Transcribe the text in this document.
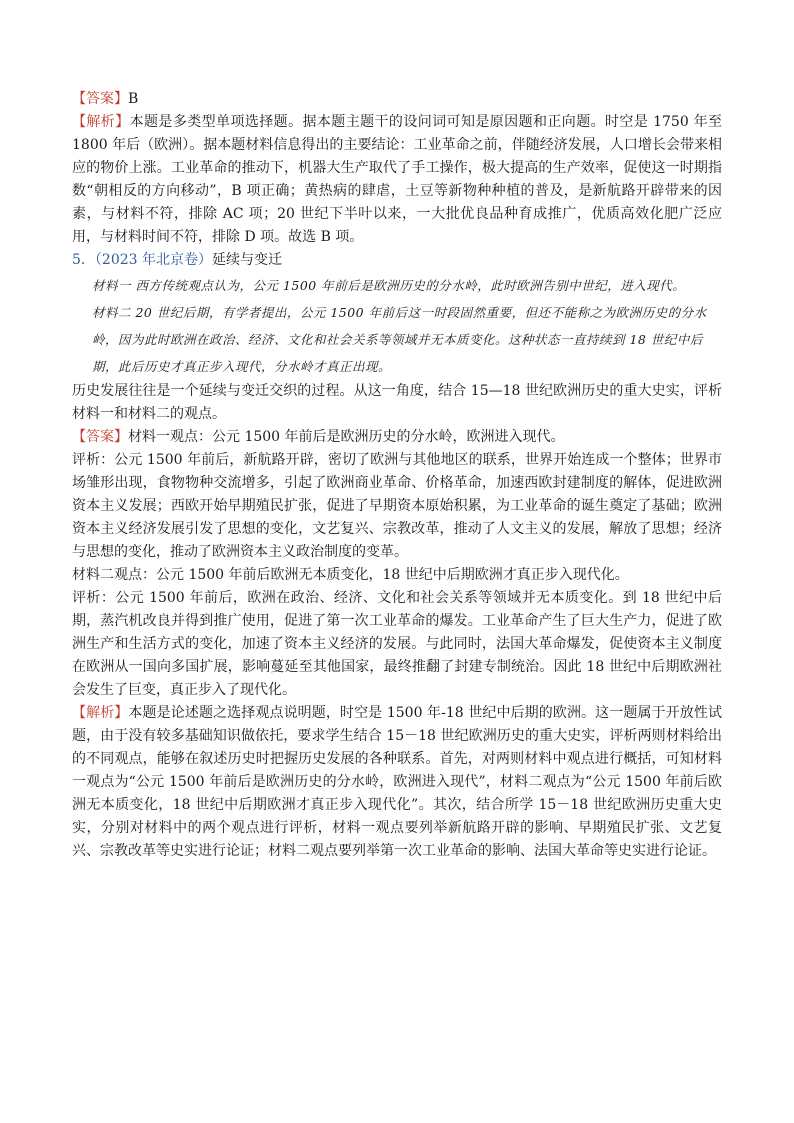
【答案】B

【解析】本题是多类型单项选择题。据本题主题干的设问词可知是原因题和正向题。时空是 1750 年至 1800 年后（欧洲）。据本题材料信息得出的主要结论：工业革命之前，伴随经济发展，人口增长会带来相应的物价上涨。工业革命的推动下，机器大生产取代了手工操作，极大提高的生产效率，促使这一时期指数“朝相反的方向移动”，B 项正确；黄热病的肆虐，土豆等新物种种植的普及，是新航路开辟带来的因素，与材料不符，排除 AC 项；20 世纪下半叶以来，一大批优良品种育成推广，优质高效化肥广泛应用，与材料时间不符，排除 D 项。故选 B 项。

5．（2023 年北京卷）延续与变迁

材料一 西方传统观点认为，公元 1500 年前后是欧洲历史的分水岭，此时欧洲告别中世纪，进入现代。

材料二 20 世纪后期，有学者提出，公元 1500 年前后这一时段固然重要，但还不能称之为欧洲历史的分水岭，因为此时欧洲在政治、经济、文化和社会关系等领域并无本质变化。这种状态一直持续到 18 世纪中后期，此后历史才真正步入现代，分水岭才真正出现。

历史发展往往是一个延续与变迁交织的过程。从这一角度，结合 15—18 世纪欧洲历史的重大史实，评析材料一和材料二的观点。

【答案】材料一观点：公元 1500 年前后是欧洲历史的分水岭，欧洲进入现代。

评析：公元 1500 年前后，新航路开辟，密切了欧洲与其他地区的联系，世界开始连成一个整体；世界市场雏形出现，食物物种交流增多，引起了欧洲商业革命、价格革命，加速西欧封建制度的解体，促进欧洲资本主义发展；西欧开始早期殖民扩张，促进了早期资本原始积累，为工业革命的诞生奠定了基础；欧洲资本主义经济发展引发了思想的变化，文艺复兴、宗教改革，推动了人文主义的发展，解放了思想；经济与思想的变化，推动了欧洲资本主义政治制度的变革。

材料二观点：公元 1500 年前后欧洲无本质变化，18 世纪中后期欧洲才真正步入现代化。

评析：公元 1500 年前后，欧洲在政治、经济、文化和社会关系等领域并无本质变化。到 18 世纪中后期，蒸汽机改良并得到推广使用，促进了第一次工业革命的爆发。工业革命产生了巨大生产力，促进了欧洲生产和生活方式的变化，加速了资本主义经济的发展。与此同时，法国大革命爆发，促使资本主义制度在欧洲从一国向多国扩展，影响蔓延至其他国家，最终推翻了封建专制统治。因此 18 世纪中后期欧洲社会发生了巨变，真正步入了现代化。

【解析】本题是论述题之选择观点说明题，时空是 1500 年-18 世纪中后期的欧洲。这一题属于开放性试题，由于没有较多基础知识做依托，要求学生结合 15－18 世纪欧洲历史的重大史实，评析两则材料给出的不同观点，能够在叙述历史时把握历史发展的各种联系。首先，对两则材料中观点进行概括，可知材料一观点为“公元 1500 年前后是欧洲历史的分水岭，欧洲进入现代”，材料二观点为“公元 1500 年前后欧洲无本质变化，18 世纪中后期欧洲才真正步入现代化”。其次，结合所学 15－18 世纪欧洲历史重大史实，分别对材料中的两个观点进行评析，材料一观点要列举新航路开辟的影响、早期殖民扩张、文艺复兴、宗教改革等史实进行论证；材料二观点要列举第一次工业革命的影响、法国大革命等史实进行论证。
